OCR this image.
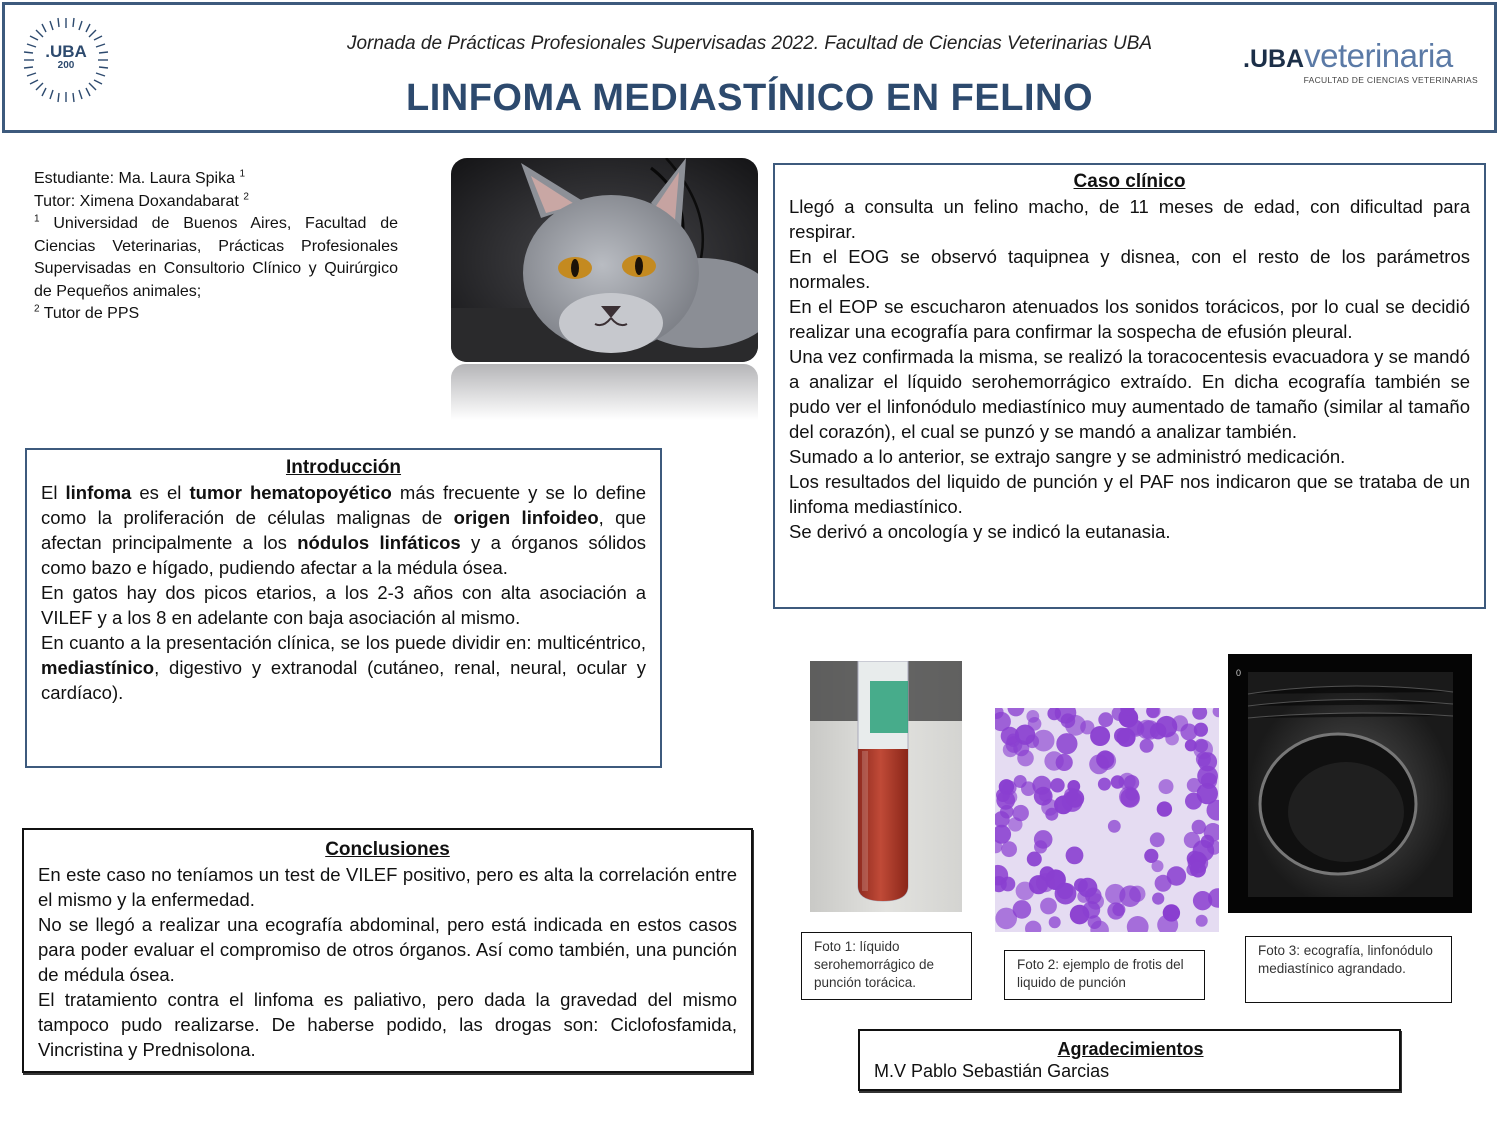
Jornada de Prácticas Profesionales Supervisadas 2022. Facultad de Ciencias Veterinarias UBA
LINFOMA MEDIASTÍNICO EN FELINO
.UBA
200	.UBAveterinaria
FACULTAD DE CIENCIAS VETERINARIAS

Estudiante: Ma. Laura Spika $^1$

Tutor: Ximena Doxandabarat $^2$

$^1$ Universidad de Buenos Aires, Facultad de Ciencias Veterinarias, Prácticas Profesionales Supervisadas en Consultorio Clínico y Quirúrgico de Pequeños animales;

$^2$ Tutor de PPS

Caso clínico

Llegó a consulta un felino macho, de 11 meses de edad, con dificultad para respirar.

En el EOG se observó taquipnea y disnea, con el resto de los parámetros normales.

En el EOP se escucharon atenuados los sonidos torácicos, por lo cual se decidió realizar una ecografía para confirmar la sospecha de efusión pleural.

Una vez confirmada la misma, se realizó la toracocentesis evacuadora y se mandó a analizar el líquido serohemorrágico extraído. En dicha ecografía también se pudo ver el linfonódulo mediastínico muy aumentado de tamaño (similar al tamaño del corazón), el cual se punzó y se mandó a analizar también.

Sumado a lo anterior, se extrajo sangre y se administró medicación.

Los resultados del liquido de punción y el PAF nos indicaron que se trataba de un linfoma mediastínico.

Se derivó a oncología y se indicó la eutanasia.

Introducción

El linfoma es el tumor hematopoyético más frecuente y se lo define como la proliferación de células malignas de origen linfoideo, que afectan principalmente a los nódulos linfáticos y a órganos sólidos como bazo e hígado, pudiendo afectar a la médula ósea.

En gatos hay dos picos etarios, a los 2-3 años con alta asociación a VILEF y a los 8 en adelante con baja asociación al mismo.

En cuanto a la presentación clínica, se los puede dividir en: multicéntrico, mediastínico, digestivo y extranodal (cutáneo, renal, neural, ocular y cardíaco).

Conclusiones

En este caso no teníamos un test de VILEF positivo, pero es alta la correlación entre el mismo y la enfermedad.

No se llegó a realizar una ecografía abdominal, pero está indicada en estos casos para poder evaluar el compromiso de otros órganos. Así como también, una punción de médula ósea.

El tratamiento contra el linfoma es paliativo, pero dada la gravedad del mismo tampoco pudo realizarse. De haberse podido, las drogas son: Ciclofosfamida, Vincristina y Prednisolona.

0
Foto 1: líquido serohemorrágico de punción torácica.
Foto 2: ejemplo de frotis del liquido de punción
Foto 3: ecografía, linfonódulo mediastínico agrandado.
Agradecimientos
M.V Pablo Sebastián Garcias
